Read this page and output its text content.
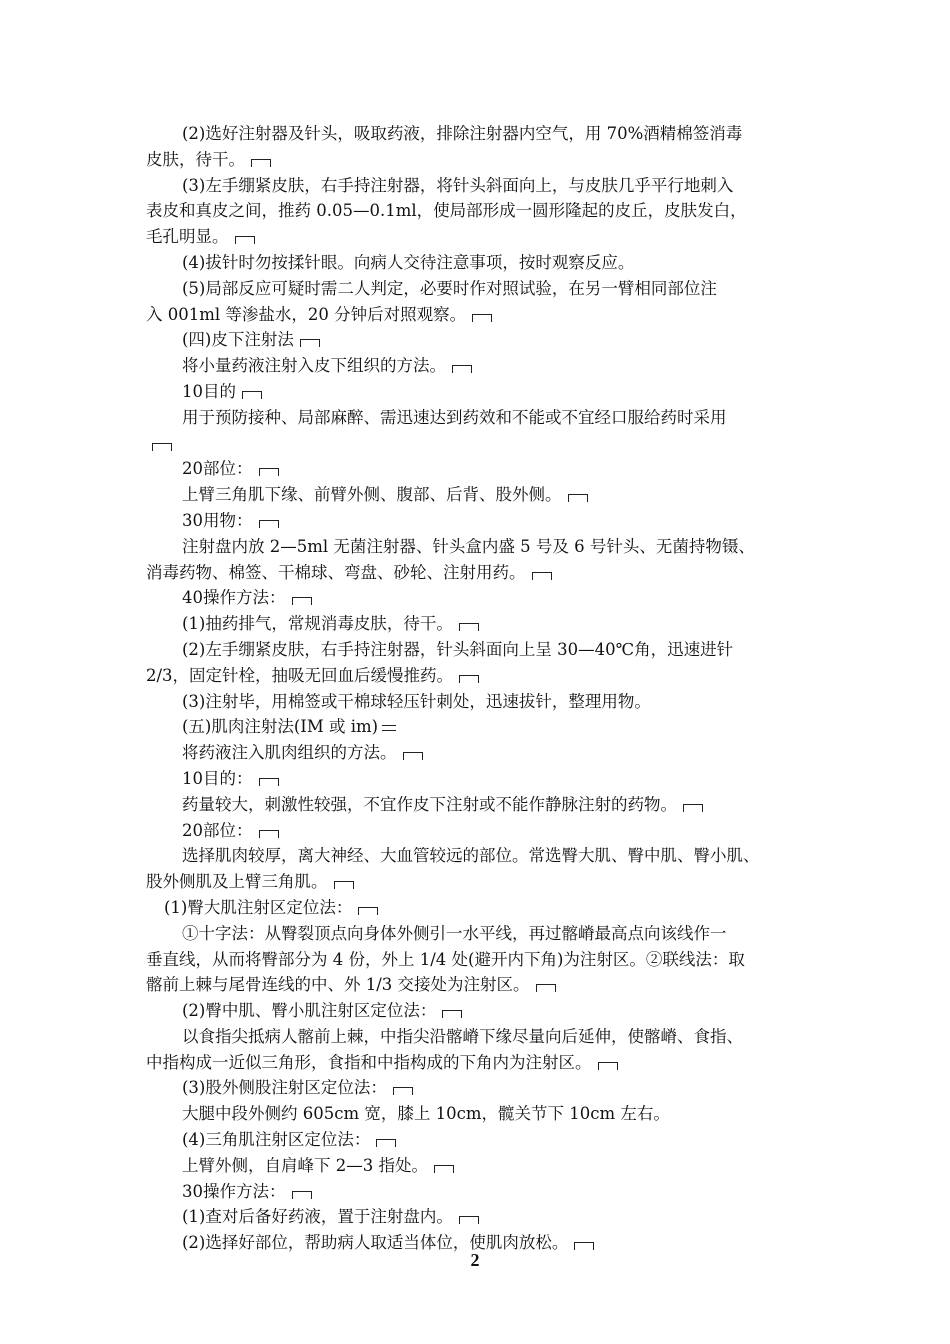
(2)选好注射器及针头，吸取药液，排除注射器内空气，用 70%酒精棉签消毒
皮肤，待干。
(3)左手绷紧皮肤，右手持注射器，将针头斜面向上，与皮肤几乎平行地刺入
表皮和真皮之间，推药 0.05—0.1ml，使局部形成一圆形隆起的皮丘，皮肤发白，
毛孔明显。
(4)拔针时勿按揉针眼。向病人交待注意事项，按时观察反应。
(5)局部反应可疑时需二人判定，必要时作对照试验，在另一臂相同部位注
入 001ml 等渗盐水，20 分钟后对照观察。
(四)皮下注射法
将小量药液注射入皮下组织的方法。
10目的
用于预防接种、局部麻醉、需迅速达到药效和不能或不宜经口服给药时采用
20部位：
上臂三角肌下缘、前臂外侧、腹部、后背、股外侧。
30用物：
注射盘内放 2—5ml 无菌注射器、针头盒内盛 5 号及 6 号针头、无菌持物镊、
消毒药物、棉签、干棉球、弯盘、砂轮、注射用药。
40操作方法：
(1)抽药排气，常规消毒皮肤，待干。
(2)左手绷紧皮肤，右手持注射器，针头斜面向上呈 30—40℃角，迅速进针
2/3，固定针栓，抽吸无回血后缓慢推药。
(3)注射毕，用棉签或干棉球轻压针刺处，迅速拔针，整理用物。
(五)肌肉注射法(IM 或 im)
将药液注入肌肉组织的方法。
10目的：
药量较大，刺激性较强，不宜作皮下注射或不能作静脉注射的药物。
20部位：
选择肌肉较厚，离大神经、大血管较远的部位。常选臀大肌、臀中肌、臀小肌、
股外侧肌及上臂三角肌。
(1)臀大肌注射区定位法：
①十字法：从臀裂顶点向身体外侧引一水平线，再过髂嵴最高点向该线作一
垂直线，从而将臀部分为 4 份，外上 1/4 处(避开内下角)为注射区。②联线法：取
髂前上棘与尾骨连线的中、外 1/3 交接处为注射区。
(2)臀中肌、臀小肌注射区定位法：
以食指尖抵病人髂前上棘，中指尖沿髂嵴下缘尽量向后延伸，使髂嵴、食指、
中指构成一近似三角形，食指和中指构成的下角内为注射区。
(3)股外侧股注射区定位法：
大腿中段外侧约 605cm 宽，膝上 10cm，髋关节下 10cm 左右。
(4)三角肌注射区定位法：
上臂外侧，自肩峰下 2—3 指处。
30操作方法：
(1)查对后备好药液，置于注射盘内。
(2)选择好部位，帮助病人取适当体位，使肌肉放松。
2
